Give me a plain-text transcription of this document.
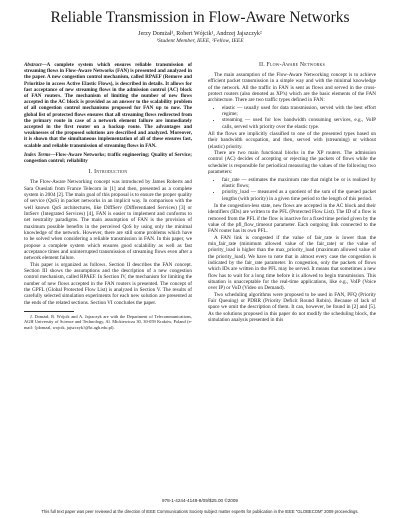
Reliable Transmission in Flow-Aware Networks
Jerzy Domżał¹, Robert Wójcik¹, Andrzej Jajszczyk²
¹Student Member, IEEE, ²Fellow, IEEE

Abstract—A complete system which ensures reliable transmission of streaming flows in Flow-Aware Networks (FAN) is presented and analyzed in the paper. A new congestion control mechanism, called RPAEF (Remove and Prioritize in access Active Elastic Flows), is described in details. It allows for fast acceptance of new streaming flows in the admission control (AC) block of FAN routers. The mechanism of limiting the number of new flows accepted in the AC block is provided as an answer to the scalability problem of all congestion control mechanisms proposed for FAN up to now. The global list of protected flows ensures that all streaming flows redirected from the primary route in case of a network element failure are immediately accepted in the first router on a backup route. The advantages and weaknesses of the proposed solutions are described and analyzed. Moreover, it is shown that the simultaneous implementation of all of these ensures fast, scalable and reliable transmission of streaming flows in FAN.

Index Terms—Flow-Aware Networks; traffic engineering; Quality of Service; congestion control; reliability

I. Introduction

The Flow-Aware Networking concept was introduced by James Roberts and Sara Oueslati from France Telecom in [1] and then, presented as a complete system in 2004 [2]. The main goal of this proposal is to ensure the proper quality of service (QoS) in packet networks in an implicit way. In comparison with the well known QoS architectures, like DiffServ (Differentiated Services) [3] or IntServ (Integrated Services) [4], FAN is easier to implement and conforms to net neutrality paradigms. The main assumption of FAN is the provision of maximum possible benefits in the perceived QoS by using only the minimal knowledge of the network. However, there are still some problems which have to be solved when considering a reliable transmission in FAN. In this paper, we propose a complete system which ensures good scalability as well as fast acceptance times and uninterrupted transmission of streaming flows even after a network element failure.

This paper is organized as follows. Section II describes the FAN concept. Section III shows the assumptions and the description of a new congestion control mechanism, called RPAEF. In Section IV, the mechanism for limiting the number of new flows accepted in the FAN routers is presented. The concept of the GPFL (Global Protected Flow List) is analyzed in Section V. The results of carefully selected simulation experiments for each new solution are presented at the ends of the related sections. Section VI concludes the paper.

J. Domżał, R. Wójcik and A. Jajszczyk are with the Department of Telecommunications, AGH University of Science and Technology, Al. Mickiewicza 30, 30-059 Kraków, Poland (e-mail: {jdomzal, wojcik, jajszczyk}@kt.agh.edu.pl).

II. Flow-Aware Networks

The main assumption of the Flow-Aware Networking concept is to achieve efficient packet transmission in a simple way and with the minimal knowledge of the network. All the traffic in FAN is sent as flows and served in the cross-protect routers (also denoted as XP's) which are the basic elements of the FAN architecture. There are two traffic types defined in FAN:

• elastic — usually used for data transmission, served with the best effort regime;
• streaming — used for low bandwidth consuming services, e.g., VoIP calls, served with priority over the elastic type.

All the flows are implicitly classified to one of the presented types based on their bandwidth occupation, and then, served with (streaming) or without (elastic) priority.

There are two main functional blocks in the XP routers. The admission control (AC) decides of accepting or rejecting the packets of flows while the scheduler is responsible for periodical measuring the values of the following two parameters:

• fair_rate — estimates the maximum rate that might be or is realized by elastic flows;
• priority_load — measured as a quotient of the sum of the queued packet lengths (with priority) in a given time period to the length of this period.

In the congestion-less state, new flows are accepted in the AC block and their identifiers (IDs) are written to the PFL (Protected Flow List). The ID of a flow is removed from the PFL if the flow is inactive for a fixed time period given by the value of the pfl_flow_timeout parameter. Each outgoing link connected to the FAN router has its own PFL.

A FAN link is congested if the value of fair_rate is lower than the min_fair_rate (minimum allowed value of the fair_rate) or the value of priority_load is higher than the max_priority_load (maximum allowed value of the priority_load). We have to note that in almost every case the congestion is indicated by the fair_rate parameter. In congestion, only the packets of flows which IDs are written in the PFL may be served. It means that sometimes a new flow has to wait for a long time before it is allowed to begin transmission. This situation is unacceptable for the real-time applications, like e.g., VoIP (Voice over IP) or VoD (Video on Demand).

Two scheduling algorithms were proposed to be used in FAN, PFQ (Priority Fair Queuing) or PDRR (Priority Deficit Round Robin). Because of lack of space we omit the description of them. It can, however, be found in [2] and [5]. As the solutions proposed in this paper do not modify the scheduling block, the simulation analysis presented in this

978-1-4244-4148-8/09/$25.00 ©2009
This full text paper was peer reviewed at the direction of IEEE Communications Society subject matter experts for publication in the IEEE "GLOBECOM" 2009 proceedings.
